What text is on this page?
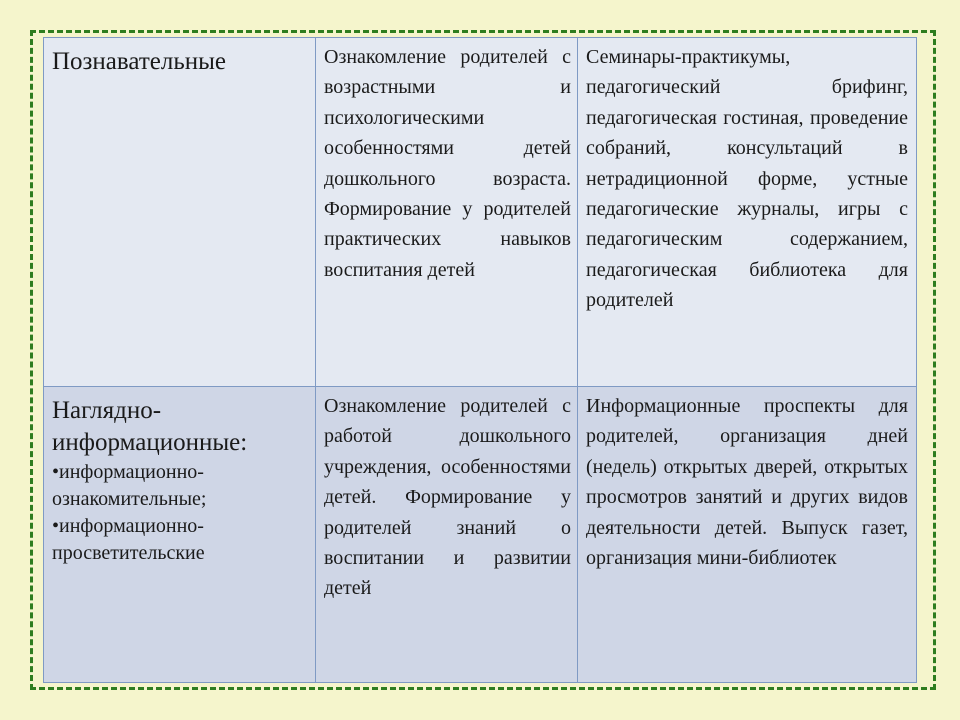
Познавательные	Ознакомление родителей с возрастными и психологическими особенностями детей дошкольного возраста. Формирование у родителей практических навыков воспитания детей	Семинары-практикумы, педагогический брифинг, педагогическая гостиная, проведение собраний, консультаций в нетрадиционной форме, устные педагогические журналы, игры с педагогическим содержанием, педагогическая библиотека для родителей

Наглядно-
информационные:
•информационно-ознакомительные;
•информационно-просветительские	Ознакомление родителей с работой дошкольного учреждения, особенностями детей. Формирование у родителей знаний о воспитании и развитии детей	Информационные проспекты для родителей, организация дней (недель) открытых дверей, открытых просмотров занятий и других видов деятельности детей. Выпуск газет, организация мини-библиотек
